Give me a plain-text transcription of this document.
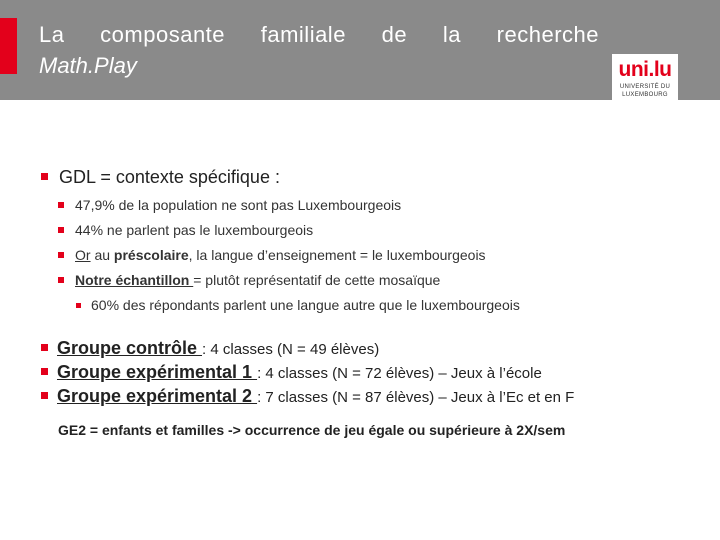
La composante familiale de la recherche
Math.Play	uni.lu
UNIVERSITÉ DU
LUXEMBOURG
GDL = contexte spécifique :
47,9% de la population ne sont pas Luxembourgeois
44% ne parlent pas le luxembourgeois
Or au préscolaire, la langue d’enseignement = le luxembourgeois
Notre échantillon = plutôt représentatif de cette mosaïque
60% des répondants parlent une langue autre que le luxembourgeois
Groupe contrôle : 4 classes (N = 49 élèves)
Groupe expérimental 1 : 4 classes (N = 72 élèves) – Jeux à l’école
Groupe expérimental 2 : 7 classes (N = 87 élèves) – Jeux à l’Ec et en F
GE2 = enfants et familles -> occurrence de jeu égale ou supérieure à 2X/sem
